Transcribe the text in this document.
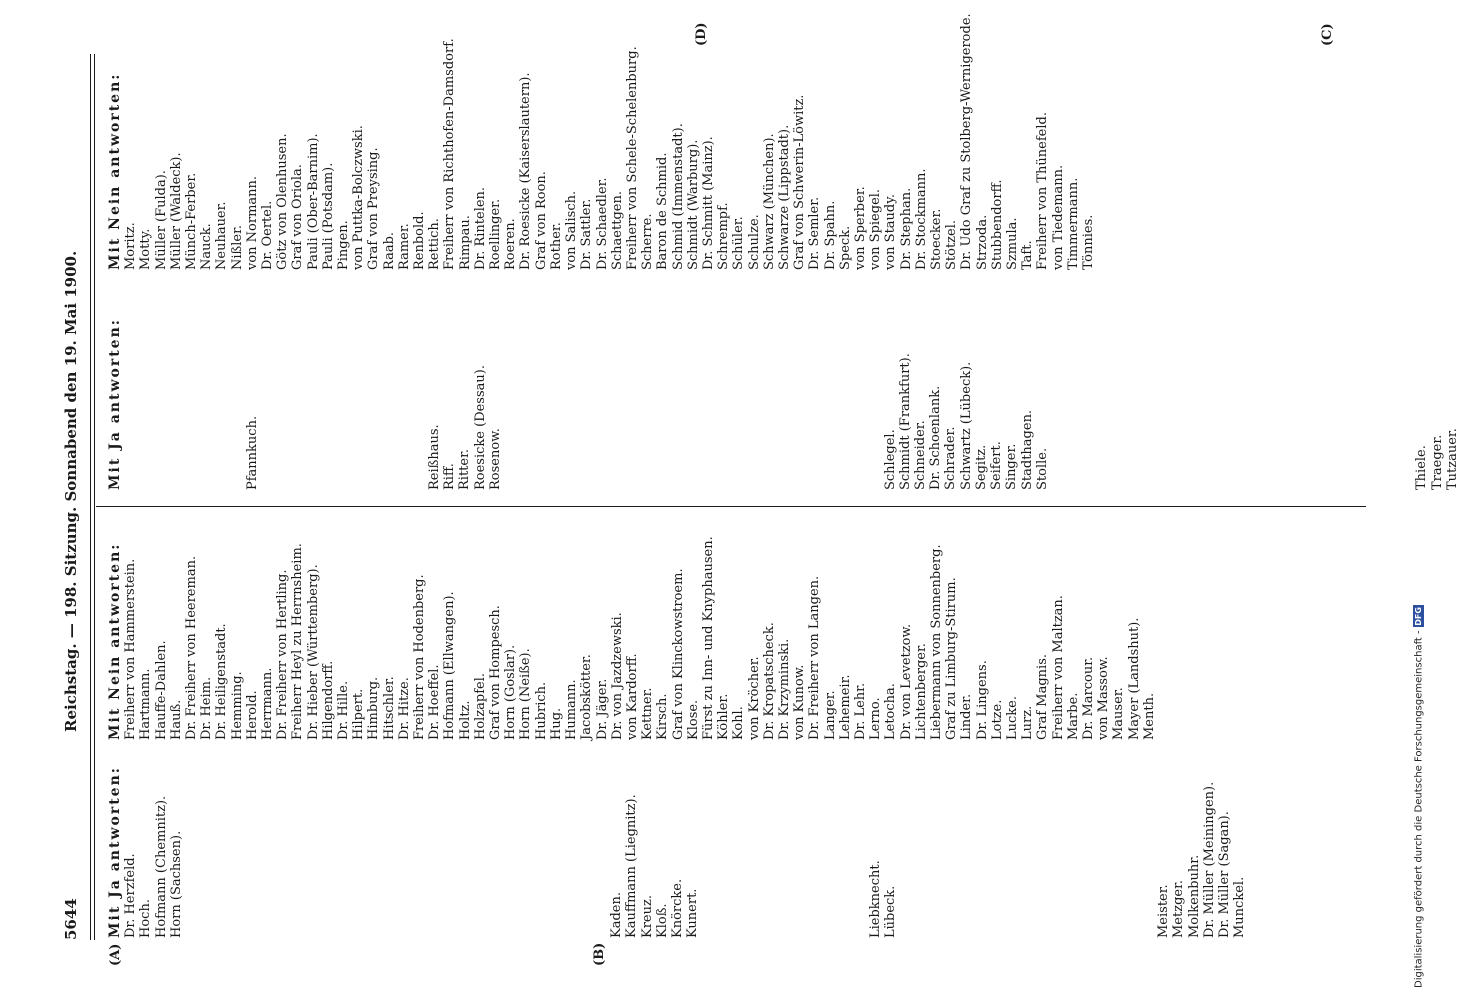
5644
Reichstag. — 198. Sitzung. Sonnabend den 19. Mai 1900.
(A)	(B)
(C)
(D)
Mit Ja antworten: Dr. Herzfeld. Hoch. Hofmann (Chemnitz). Horn (Sachsen).	Kaden. Kauffmann (Liegnitz). Kreuz. Kloß. Knörcke. Kunert.	Liebknecht. Lübeck.	Meister. Metzger. Molkenbuhr. Dr. Müller (Meiningen). Dr. Müller (Sagan). Munckel.
Mit Nein antworten: Freiherr von Hammerstein. Hartmann. Hauffe-Dahlen. Hauß. Dr. Freiherr von Heereman. Dr. Heim. Dr. Heiligenstadt. Hemming. Herold. Herrmann. Dr. Freiherr von Hertling. Freiherr Heyl zu Herrnsheim. Dr. Hieber (Württemberg). Hilgendorff. Dr. Hille. Hilpert. Himburg. Hitschler. Dr. Hitze. Freiherr von Hodenberg. Dr. Hoeffel. Hofmann (Ellwangen). Holtz. Holzapfel. Graf von Hompesch. Horn (Goslar). Horn (Neiße). Hubrich. Hug. Humann. Jacobskötter. Dr. Jäger. Dr. von Jazdzewski. von Kardorff. Kettner. Kirsch. Graf von Klinckowstroem. Klose. Fürst zu Inn- und Knyphausen. Köhler. Kohl. von Kröcher. Dr. Kropatscheck. Dr. Krzyminski. von Kunow. Dr. Freiherr von Langen. Langer. Lehemeir. Dr. Lehr. Lerno. Letocha. Dr. von Levetzow. Lichtenberger. Liebermann von Sonnenberg. Graf zu Limburg-Stirum. Linder. Dr. Lingens. Lotze. Lucke. Lurz. Graf Magnis. Freiherr von Maltzan. Marbe. Dr. Marcour. von Massow. Mauser. Mayer (Landshut). Menth.
Mit Ja antworten:	Pfannkuch.	Reißhaus. Riff. Ritter. Roesicke (Dessau). Rosenow.	Schlegel. Schmidt (Frankfurt). Schneider. Dr. Schoenlank. Schrader. Schwartz (Lübeck). Segitz. Seifert. Singer. Stadthagen. Stolle.	Thiele. Traeger. Tutzauer.
Mit Nein antworten: Moritz. Motty. Müller (Fulda). Müller (Waldeck). Münch-Ferber. Nauck. Neuhauer. Nißler. von Normann. Dr. Oertel. Götz von Olenhusen. Graf von Oriola. Pauli (Ober-Barnim). Pauli (Potsdam). Pingen. von Puttka-Bolczwski. Graf von Preysing. Raab. Ramer. Renbold. Rettich. Freiherr von Richthofen-Damsdorf. Rimpau. Dr. Rintelen. Roellinger. Roeren. Dr. Roesicke (Kaiserslautern). Graf von Roon. Rother. von Salisch. Dr. Sattler. Dr. Schaedler. Schaettgen. Freiherr von Schele-Schelenburg. Scherre. Baron de Schmid. Schmid (Immenstadt). Schmidt (Warburg). Dr. Schmitt (Mainz). Schrempf. Schüler. Schulze. Schwarz (München). Schwarze (Lippstadt). Graf von Schwerin-Löwitz. Dr. Semler. Dr. Spahn. Speck. von Sperber. von Spiegel. von Staudy. Dr. Stephan. Dr. Stockmann. Stoecker. Stötzel. Dr. Udo Graf zu Stolberg-Wernigerode. Strzoda. Stubbendorff. Szmula. Taft. Freiherr von Thünefeld. von Tiedemann. Timmermann. Tönnies.
Digitalisierung gefördert durch die Deutsche Forschungsgemeinschaft -DFG
